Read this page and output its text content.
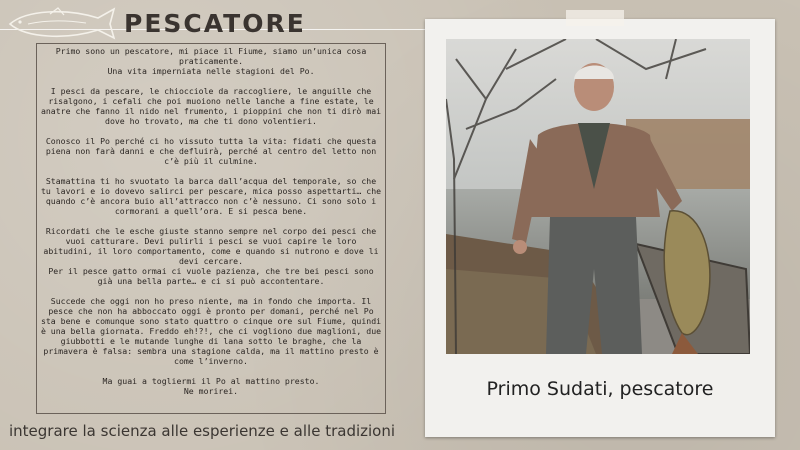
PESCATORE

Primo sono un pescatore, mi piace il Fiume, siamo un’unica cosa praticamente.
Una vita imperniata nelle stagioni del Po.

I pesci da pescare, le chiocciole da raccogliere, le anguille che risalgono, i cefali che poi muoiono nelle lanche a fine estate, le anatre che fanno il nido nel frumento, i pioppini che non ti dirò mai dove ho trovato, ma che ti dono volentieri.

Conosco il Po perché ci ho vissuto tutta la vita: fidati che questa piena non farà danni e che defluirà, perché al centro del letto non c’è più il culmine.

Stamattina ti ho svuotato la barca dall’acqua del temporale, so che tu lavori e io dovevo salirci per pescare, mica posso aspettarti… che quando c’è ancora buio all’attracco non c’è nessuno. Ci sono solo i cormorani a quell’ora. E si pesca bene.

Ricordati che le esche giuste stanno sempre nel corpo dei pesci che vuoi catturare. Devi pulirli i pesci se vuoi capire le loro abitudini, il loro comportamento, come e quando si nutrono e dove li devi cercare.
Per il pesce gatto ormai ci vuole pazienza, che tre bei pesci sono già una bella parte… e ci si può accontentare.

Succede che oggi non ho preso niente, ma in fondo che importa. Il pesce che non ha abboccato oggi è pronto per domani, perché nel Po sta bene e comunque sono stato quattro o cinque ore sul Fiume, quindi è una bella giornata. Freddo eh!?!, che ci vogliono due maglioni, due giubbotti e le mutande lunghe di lana sotto le braghe, che la primavera è falsa: sembra una stagione calda, ma il mattino presto è come l’inverno.

Ma guai a togliermi il Po al mattino presto.
Ne morirei.

integrare la scienza alle esperienze e alle tradizioni

Primo Sudati, pescatore
